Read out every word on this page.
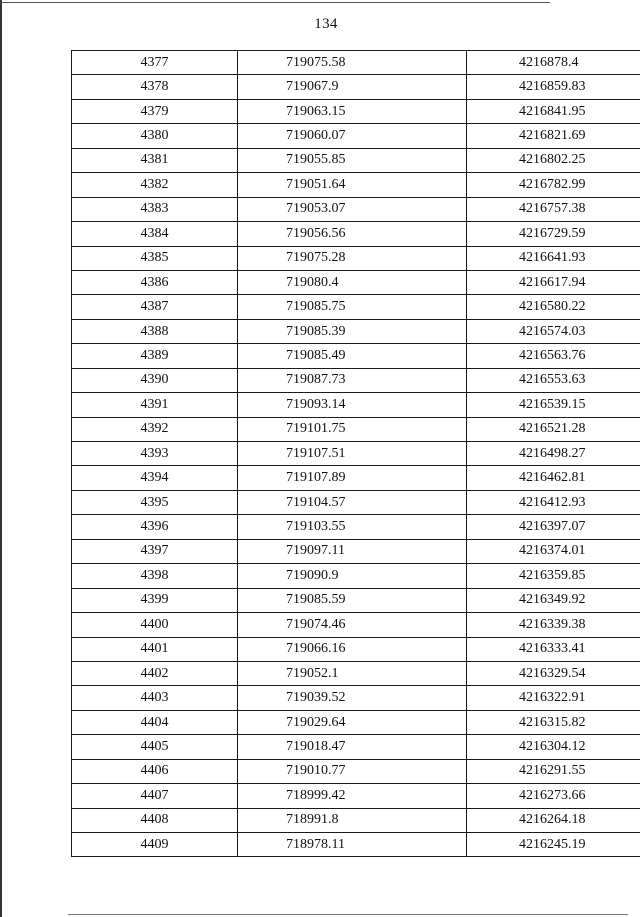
134
4377	719075.58	4216878.4
4378	719067.9	4216859.83
4379	719063.15	4216841.95
4380	719060.07	4216821.69
4381	719055.85	4216802.25
4382	719051.64	4216782.99
4383	719053.07	4216757.38
4384	719056.56	4216729.59
4385	719075.28	4216641.93
4386	719080.4	4216617.94
4387	719085.75	4216580.22
4388	719085.39	4216574.03
4389	719085.49	4216563.76
4390	719087.73	4216553.63
4391	719093.14	4216539.15
4392	719101.75	4216521.28
4393	719107.51	4216498.27
4394	719107.89	4216462.81
4395	719104.57	4216412.93
4396	719103.55	4216397.07
4397	719097.11	4216374.01
4398	719090.9	4216359.85
4399	719085.59	4216349.92
4400	719074.46	4216339.38
4401	719066.16	4216333.41
4402	719052.1	4216329.54
4403	719039.52	4216322.91
4404	719029.64	4216315.82
4405	719018.47	4216304.12
4406	719010.77	4216291.55
4407	718999.42	4216273.66
4408	718991.8	4216264.18
4409	718978.11	4216245.19
